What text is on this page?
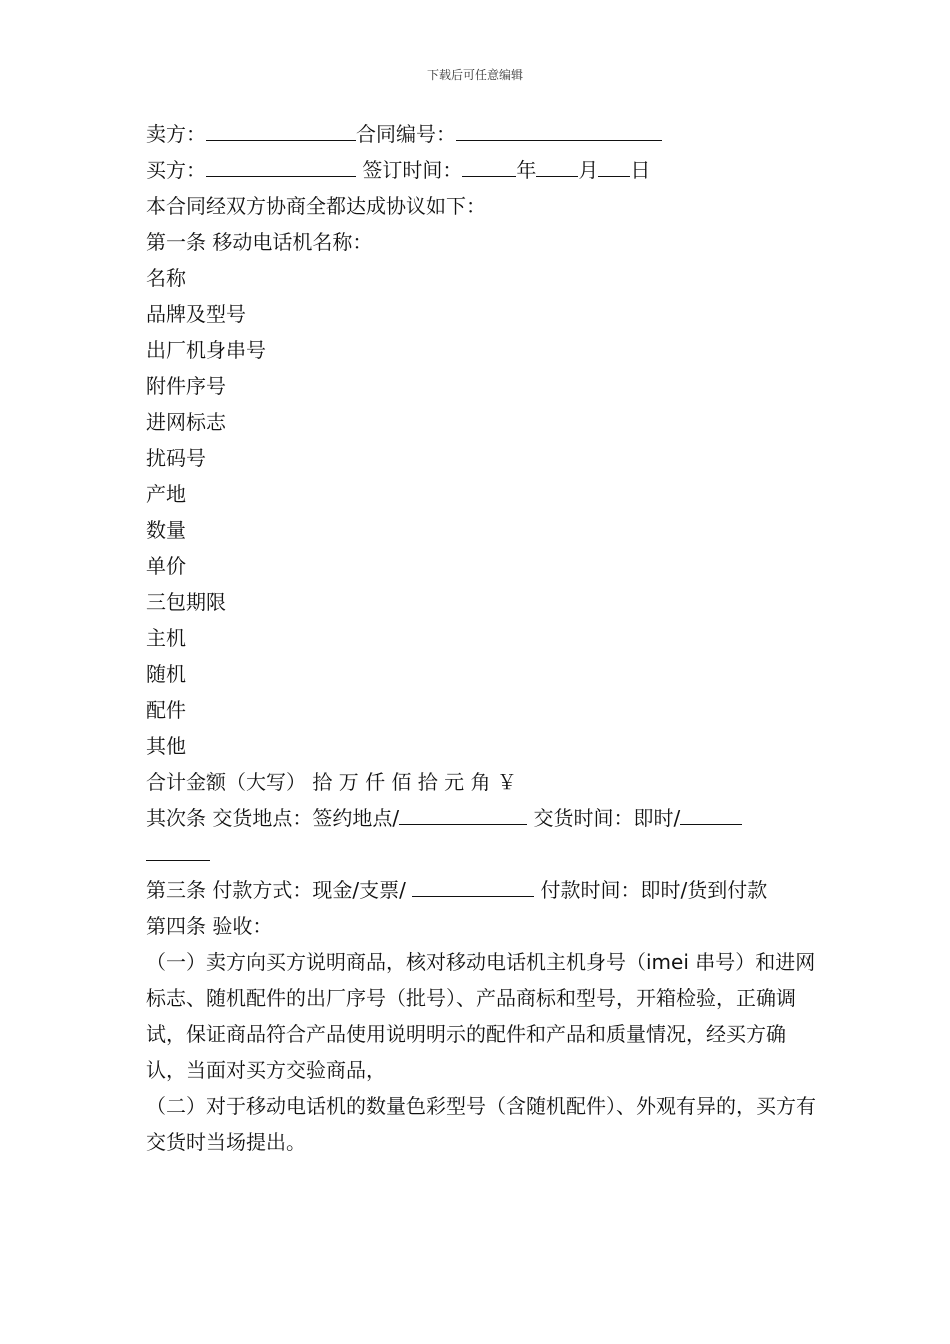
下载后可任意编辑
卖方：	合同编号：
买方：	签订时间：	年 月 日
本合同经双方协商全都达成协议如下：
第一条 移动电话机名称：
名称
品牌及型号
出厂机身串号
附件序号
进网标志
扰码号
产地
数量
单价
三包期限
主机
随机
配件
其他
合计金额（大写） 拾 万 仟 佰 拾 元 角 ￥
其次条 交货地点：签约地点/	交货时间：即时/
第三条 付款方式：现金/支票/	付款时间：即时/货到付款
第四条 验收：
（一）卖方向买方说明商品，核对移动电话机主机身号（imei 串号）和进网标志、随机配件的出厂序号（批号）、产品商标和型号，开箱检验，正确调试，保证商品符合产品使用说明明示的配件和产品和质量情况，经买方确认，当面对买方交验商品，
（二）对于移动电话机的数量色彩型号（含随机配件）、外观有异的，买方有交货时当场提出。
